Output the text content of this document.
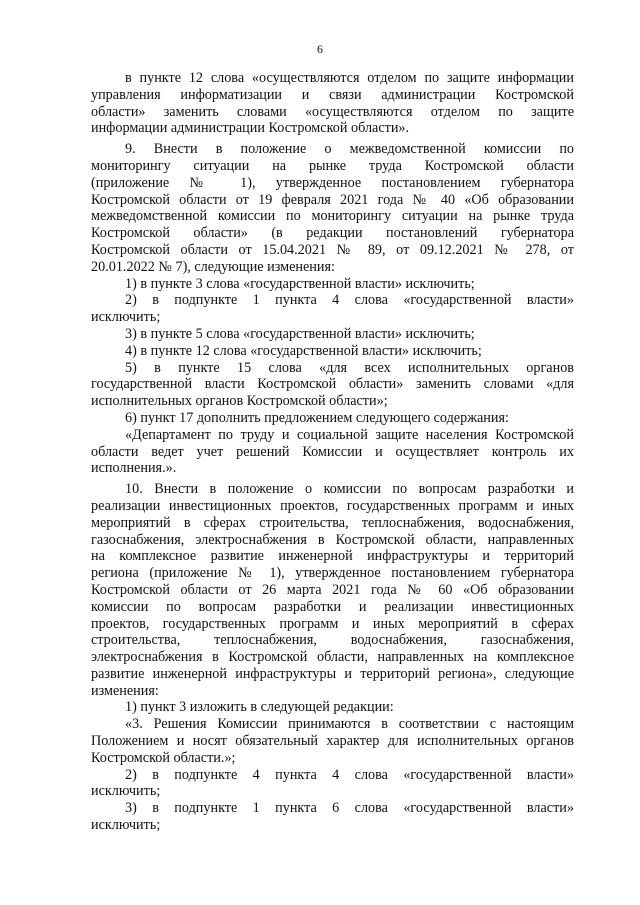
6
в пункте 12 слова «осуществляются отделом по защите информации
управления информатизации и связи администрации Костромской
области» заменить словами «осуществляются отделом по защите
информации администрации Костромской области».
9. Внести в положение о межведомственной комиссии по
мониторингу ситуации на рынке труда Костромской области
(приложение № 1), утвержденное постановлением губернатора
Костромской области от 19 февраля 2021 года № 40 «Об образовании
межведомственной комиссии по мониторингу ситуации на рынке труда
Костромской области» (в редакции постановлений губернатора
Костромской области от 15.04.2021 № 89, от 09.12.2021 № 278, от
20.01.2022 № 7), следующие изменения:
1) в пункте 3 слова «государственной власти» исключить;
2) в подпункте 1 пункта 4 слова «государственной власти»
исключить;
3) в пункте 5 слова «государственной власти» исключить;
4) в пункте 12 слова «государственной власти» исключить;
5) в пункте 15 слова «для всех исполнительных органов
государственной власти Костромской области» заменить словами «для
исполнительных органов Костромской области»;
6) пункт 17 дополнить предложением следующего содержания:
«Департамент по труду и социальной защите населения Костромской
области ведет учет решений Комиссии и осуществляет контроль их
исполнения.».
10. Внести в положение о комиссии по вопросам разработки и
реализации инвестиционных проектов, государственных программ и иных
мероприятий в сферах строительства, теплоснабжения, водоснабжения,
газоснабжения, электроснабжения в Костромской области, направленных
на комплексное развитие инженерной инфраструктуры и территорий
региона (приложение № 1), утвержденное постановлением губернатора
Костромской области от 26 марта 2021 года № 60 «Об образовании
комиссии по вопросам разработки и реализации инвестиционных
проектов, государственных программ и иных мероприятий в сферах
строительства, теплоснабжения, водоснабжения, газоснабжения,
электроснабжения в Костромской области, направленных на комплексное
развитие инженерной инфраструктуры и территорий региона», следующие
изменения:
1) пункт 3 изложить в следующей редакции:
«3. Решения Комиссии принимаются в соответствии с настоящим
Положением и носят обязательный характер для исполнительных органов
Костромской области.»;
2) в подпункте 4 пункта 4 слова «государственной власти»
исключить;
3) в подпункте 1 пункта 6 слова «государственной власти»
исключить;
